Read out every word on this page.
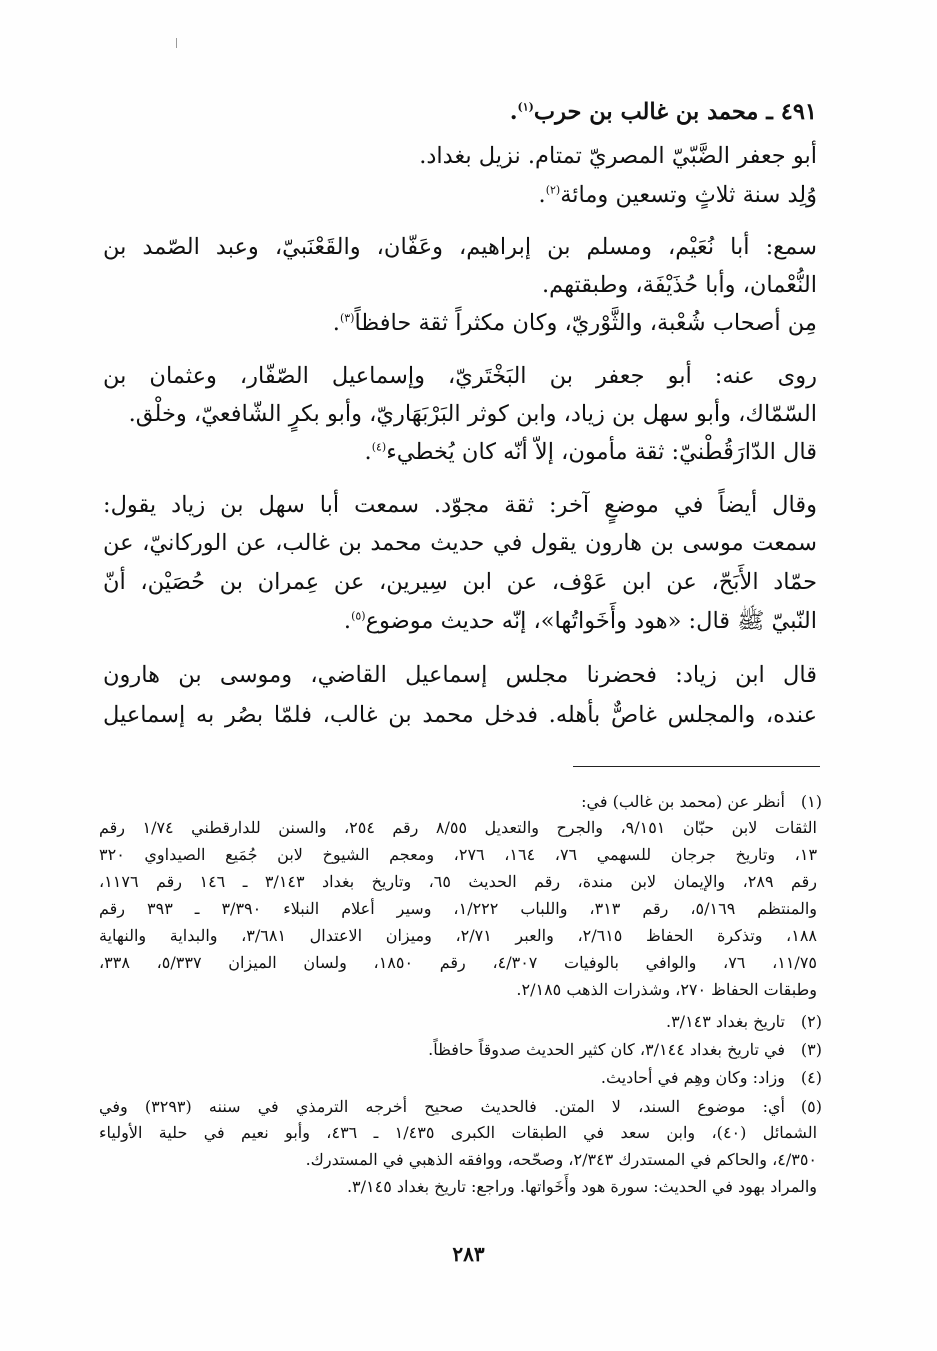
٤٩١ ـ محمد بن غالب بن حرب$^{(١)}$.
أبو جعفر الضَّبّيّ المصريّ تمتام. نزيل بغداد.
وُلِد سنة ثلاثٍ وتسعين ومائة$^{(٢)}$.
سمع: أبا نُعَيْم، ومسلم بن إبراهيم، وعَفّان، والقَعْنَبيّ، وعبد الصّمد بن
النُّعْمان، وأبا حُذَيْفَة، وطبقتهم.
مِن أصحاب شُعْبة، والثَّوْريّ، وكان مكثراً ثقة حافظاً$^{(٣)}$.
روى عنه: أبو جعفر بن البَخْتَريّ، وإسماعيل الصّفّار، وعثمان بن
السّمّاك، وأبو سهل بن زياد، وابن كوثر البَرْبَهَاريّ، وأبو بكرٍ الشّافعيّ، وخلْق.
قال الدّارَقُطْنيّ: ثقة مأمون، إلاّ أنّه كان يُخطيء$^{(٤)}$.
وقال أيضاً في موضعٍ آخر: ثقة مجوّد. سمعت أبا سهل بن زياد يقول:
سمعت موسى بن هارون يقول في حديث محمد بن غالب، عن الوركانيّ، عن
حمّاد الأَبَحّ، عن ابن عَوْف، عن ابن سِيرين، عن عِمران بن حُصَيْن، أنّ
النّبيّ ﷺ قال: «هود وأَخَواتُها»، إنّه حديث موضوع$^{(٥)}$.
قال ابن زياد: فحضرنا مجلس إسماعيل القاضي، وموسى بن هارون
عنده، والمجلس غاصٌّ بأهله. فدخل محمد بن غالب، فلمّا بصُر به إسماعيل
(١)
أنظر عن (محمد بن غالب) في:
الثقات لابن حبّان ٩/١٥١، والجرح والتعديل ٨/٥٥ رقم ٢٥٤، والسنن للدارقطني ١/٧٤ رقم
١٣، وتاريخ جرجان للسهمي ٧٦، ١٦٤، ٢٧٦، ومعجم الشيوخ لابن جُمَيع الصيداوي ٣٢٠
رقم ٢٨٩، والإيمان لابن مندة، رقم الحديث ٦٥، وتاريخ بغداد ٣/١٤٣ ـ ١٤٦ رقم ١١٧٦،
والمنتظم ٥/١٦٩، رقم ٣١٣، واللباب ١/٢٢٢، وسير أعلام النبلاء ٣/٣٩٠ ـ ٣٩٣ رقم
١٨٨، وتذكرة الحفاظ ٢/٦١٥، والعبر ٢/٧١، وميزان الاعتدال ٣/٦٨١، والبداية والنهاية
١١/٧٥، ٧٦، والوافي بالوفيات ٤/٣٠٧، رقم ١٨٥٠، ولسان الميزان ٥/٣٣٧، ٣٣٨،
وطبقات الحفاظ ٢٧٠، وشذرات الذهب ٢/١٨٥.
(٢)
تاريخ بغداد ٣/١٤٣.
(٣)
في تاريخ بغداد ٣/١٤٤، كان كثير الحديث صدوقاً حافظاً.
(٤)
وزاد: وكان وهِم في أحاديث.
(٥)
أي: موضوع السند، لا المتن. فالحديث صحيح أخرجه الترمذي في سننه (٣٢٩٣) وفي
الشمائل (٤٠)، وابن سعد في الطبقات الكبرى ١/٤٣٥ ـ ٤٣٦، وأبو نعيم في حلية الأولياء
٤/٣٥٠، والحاكم في المستدرك ٢/٣٤٣، وصحّحه، ووافقه الذهبي في المستدرك.
والمراد بهود في الحديث: سورة هود وأَخَواتها. وراجع: تاريخ بغداد ٣/١٤٥.
٢٨٣
